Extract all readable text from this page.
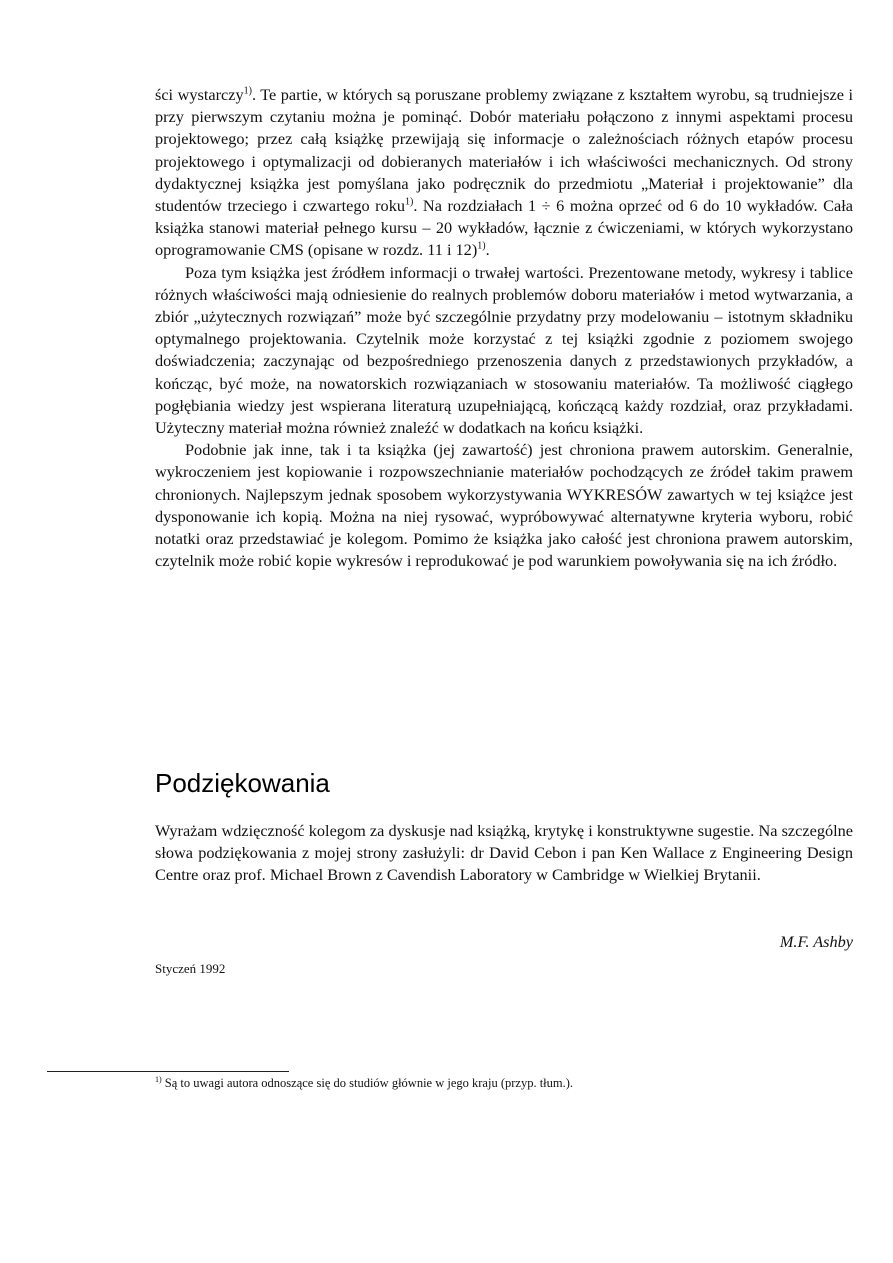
ści wystarczy$^{1)}$. Te partie, w których są poruszane problemy związane z kształtem wyrobu, są trudniejsze i przy pierwszym czytaniu można je pominąć. Dobór materiału połączono z innymi aspektami procesu projektowego; przez całą książkę przewijają się informacje o zależnościach różnych etapów procesu projektowego i optymalizacji od dobieranych materiałów i ich właściwości mechanicznych. Od strony dydaktycznej książka jest pomyślana jako podręcznik do przedmiotu „Materiał i projektowanie” dla studentów trzeciego i czwartego roku$^{1)}$. Na rozdziałach 1 ÷ 6 można oprzeć od 6 do 10 wykładów. Cała książka stanowi materiał pełnego kursu – 20 wykładów, łącznie z ćwiczeniami, w których wykorzystano oprogramowanie CMS (opisane w rozdz. 11 i 12)$^{1)}$.

Poza tym książka jest źródłem informacji o trwałej wartości. Prezentowane metody, wykresy i tablice różnych właściwości mają odniesienie do realnych problemów doboru materiałów i metod wytwarzania, a zbiór „użytecznych rozwiązań” może być szczególnie przydatny przy modelowaniu – istotnym składniku optymalnego projektowania. Czytelnik może korzystać z tej książki zgodnie z poziomem swojego doświadczenia; zaczynając od bezpośredniego przenoszenia danych z przedstawionych przykładów, a kończąc, być może, na nowatorskich rozwiązaniach w stosowaniu materiałów. Ta możliwość ciągłego pogłębiania wiedzy jest wspierana literaturą uzupełniającą, kończącą każdy rozdział, oraz przykładami. Użyteczny materiał można również znaleźć w dodatkach na końcu książki.

Podobnie jak inne, tak i ta książka (jej zawartość) jest chroniona prawem autorskim. Generalnie, wykroczeniem jest kopiowanie i rozpowszechnianie materiałów pochodzących ze źródeł takim prawem chronionych. Najlepszym jednak sposobem wykorzystywania WYKRESÓW zawartych w tej książce jest dysponowanie ich kopią. Można na niej rysować, wypróbowywać alternatywne kryteria wyboru, robić notatki oraz przedstawiać je kolegom. Pomimo że książka jako całość jest chroniona prawem autorskim, czytelnik może robić kopie wykresów i reprodukować je pod warunkiem powoływania się na ich źródło.

Podziękowania

Wyrażam wdzięczność kolegom za dyskusje nad książką, krytykę i konstruktywne sugestie. Na szczególne słowa podziękowania z mojej strony zasłużyli: dr David Cebon i pan Ken Wallace z Engineering Design Centre oraz prof. Michael Brown z Cavendish Laboratory w Cambridge w Wielkiej Brytanii.

M.F. Ashby

Styczeń 1992

$^{1)}$ Są to uwagi autora odnoszące się do studiów głównie w jego kraju (przyp. tłum.).
